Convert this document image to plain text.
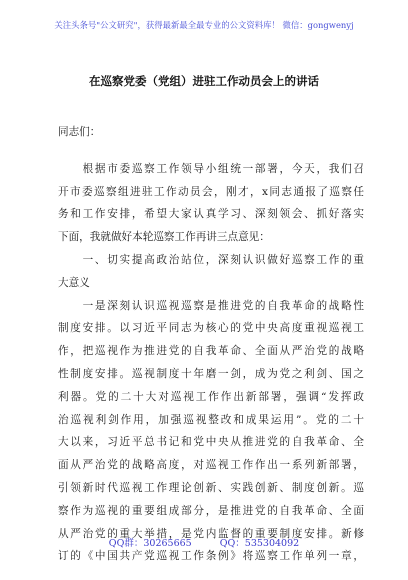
关注头条号"公文研究"，获得最新最全最专业的公文资料库！ 微信：gongwenyj
在巡察党委（党组）进驻工作动员会上的讲话
同志们：
　　根据市委巡察工作领导小组统一部署，今天，我们召
开市委巡察组进驻工作动员会，刚才，x同志通报了巡察任
务和工作安排，希望大家认真学习、深刻领会、抓好落实
下面，我就做好本轮巡察工作再讲三点意见：
　　一、切实提高政治站位，深刻认识做好巡察工作的重
大意义
　　一是深刻认识巡视巡察是推进党的自我革命的战略性
制度安排。以习近平同志为核心的党中央高度重视巡视工
作，把巡视作为推进党的自我革命、全面从严治党的战略
性制度安排。巡视制度十年磨一剑，成为党之利剑、国之
利器。党的二十大对巡视工作作出新部署，强调“发挥政
治巡视利剑作用，加强巡视整改和成果运用”。党的二十
大以来，习近平总书记和党中央从推进党的自我革命、全
面从严治党的战略高度，对巡视工作作出一系列新部署，
引领新时代巡视工作理论创新、实践创新、制度创新。巡
察作为巡视的重要组成部分，是推进党的自我革命、全面
从严治党的重大举措，是党内监督的重要制度安排。新修
订的《中国共产党巡视工作条例》将巡察工作单列一章，
QQ群：30265665	QQ：535304092
